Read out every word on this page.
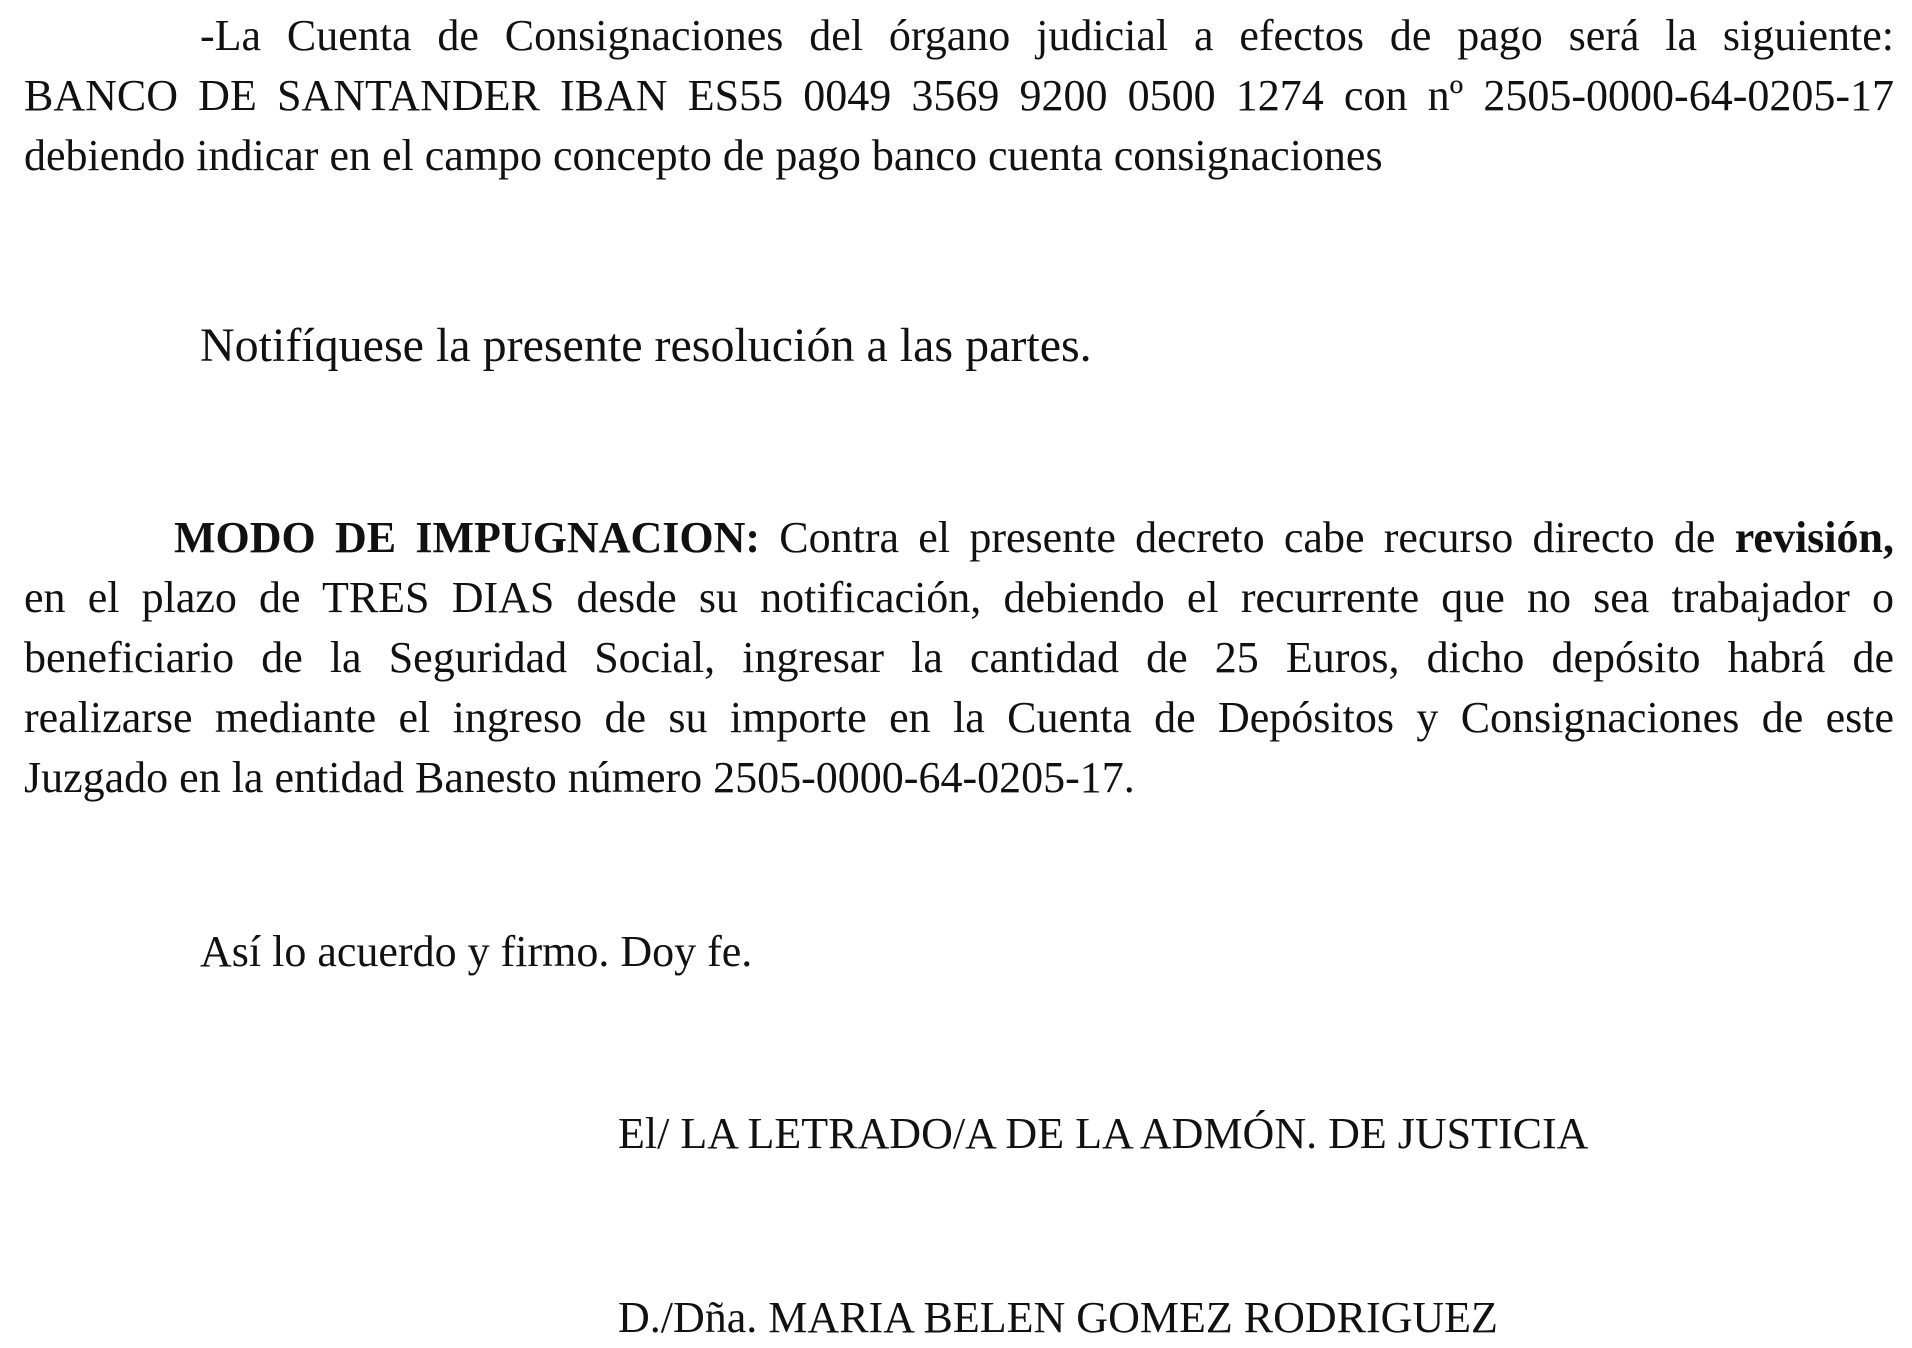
-La Cuenta de Consignaciones del órgano judicial a efectos de pago será la siguiente:
BANCO DE SANTANDER IBAN ES55 0049 3569 9200 0500 1274 con nº 2505-0000-64-0205-17
debiendo indicar en el campo concepto de pago banco cuenta consignaciones

Notifíquese la presente resolución a las partes.

MODO DE IMPUGNACION: Contra el presente decreto cabe recurso directo de revisión,
en el plazo de TRES DIAS desde su notificación, debiendo el recurrente que no sea trabajador o
beneficiario de la Seguridad Social, ingresar la cantidad de 25 Euros, dicho depósito habrá de
realizarse mediante el ingreso de su importe en la Cuenta de Depósitos y Consignaciones de este
Juzgado en la entidad Banesto número 2505-0000-64-0205-17.

Así lo acuerdo y firmo. Doy fe.

El/ LA LETRADO/A DE LA ADMÓN. DE JUSTICIA

D./Dña. MARIA BELEN GOMEZ RODRIGUEZ
